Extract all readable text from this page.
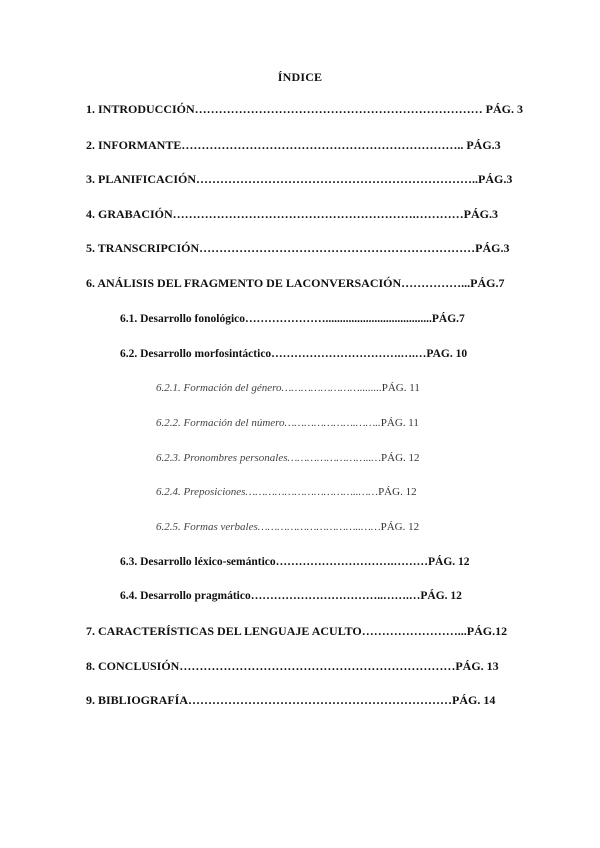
ÍNDICE
1. INTRODUCCIÓN……………………………………………………………… PÁG. 3
2. INFORMANTE…………………………………………………………….. PÁG.3
3. PLANIFICACIÓN……………………………………………………………..PÁG.3
4. GRABACIÓN…………………………………………………….…………PÁG.3
5. TRANSCRIPCIÓN……………………………………………………………PÁG.3
6. ANÁLISIS DEL FRAGMENTO DE LACONVERSACIÓN……………...PÁG.7
6.1. Desarrollo fonológico………………….....................................PÁG.7
6.2. Desarrollo morfosintáctico…………………………….….…PAG. 10
6.2.1. Formación del género……………………........PÁG. 11
6.2.2. Formación del número………………….……..PÁG. 11
6.2.3. Pronombres personales……………………..…PÁG. 12
6.2.4. Preposiciones……………………………..……PÁG. 12
6.2.5. Formas verbales…………………………..……PÁG. 12
6.3. Desarrollo léxico-semántico………………………….………PÁG. 12
6.4. Desarrollo pragmático……………………………..…….…PÁG. 12
7. CARACTERÍSTICAS DEL LENGUAJE ACULTO……………………...PÁG.12
8. CONCLUSIÓN……………………………………………………………PÁG. 13
9. BIBLIOGRAFÍA…………………………………………………………PÁG. 14
